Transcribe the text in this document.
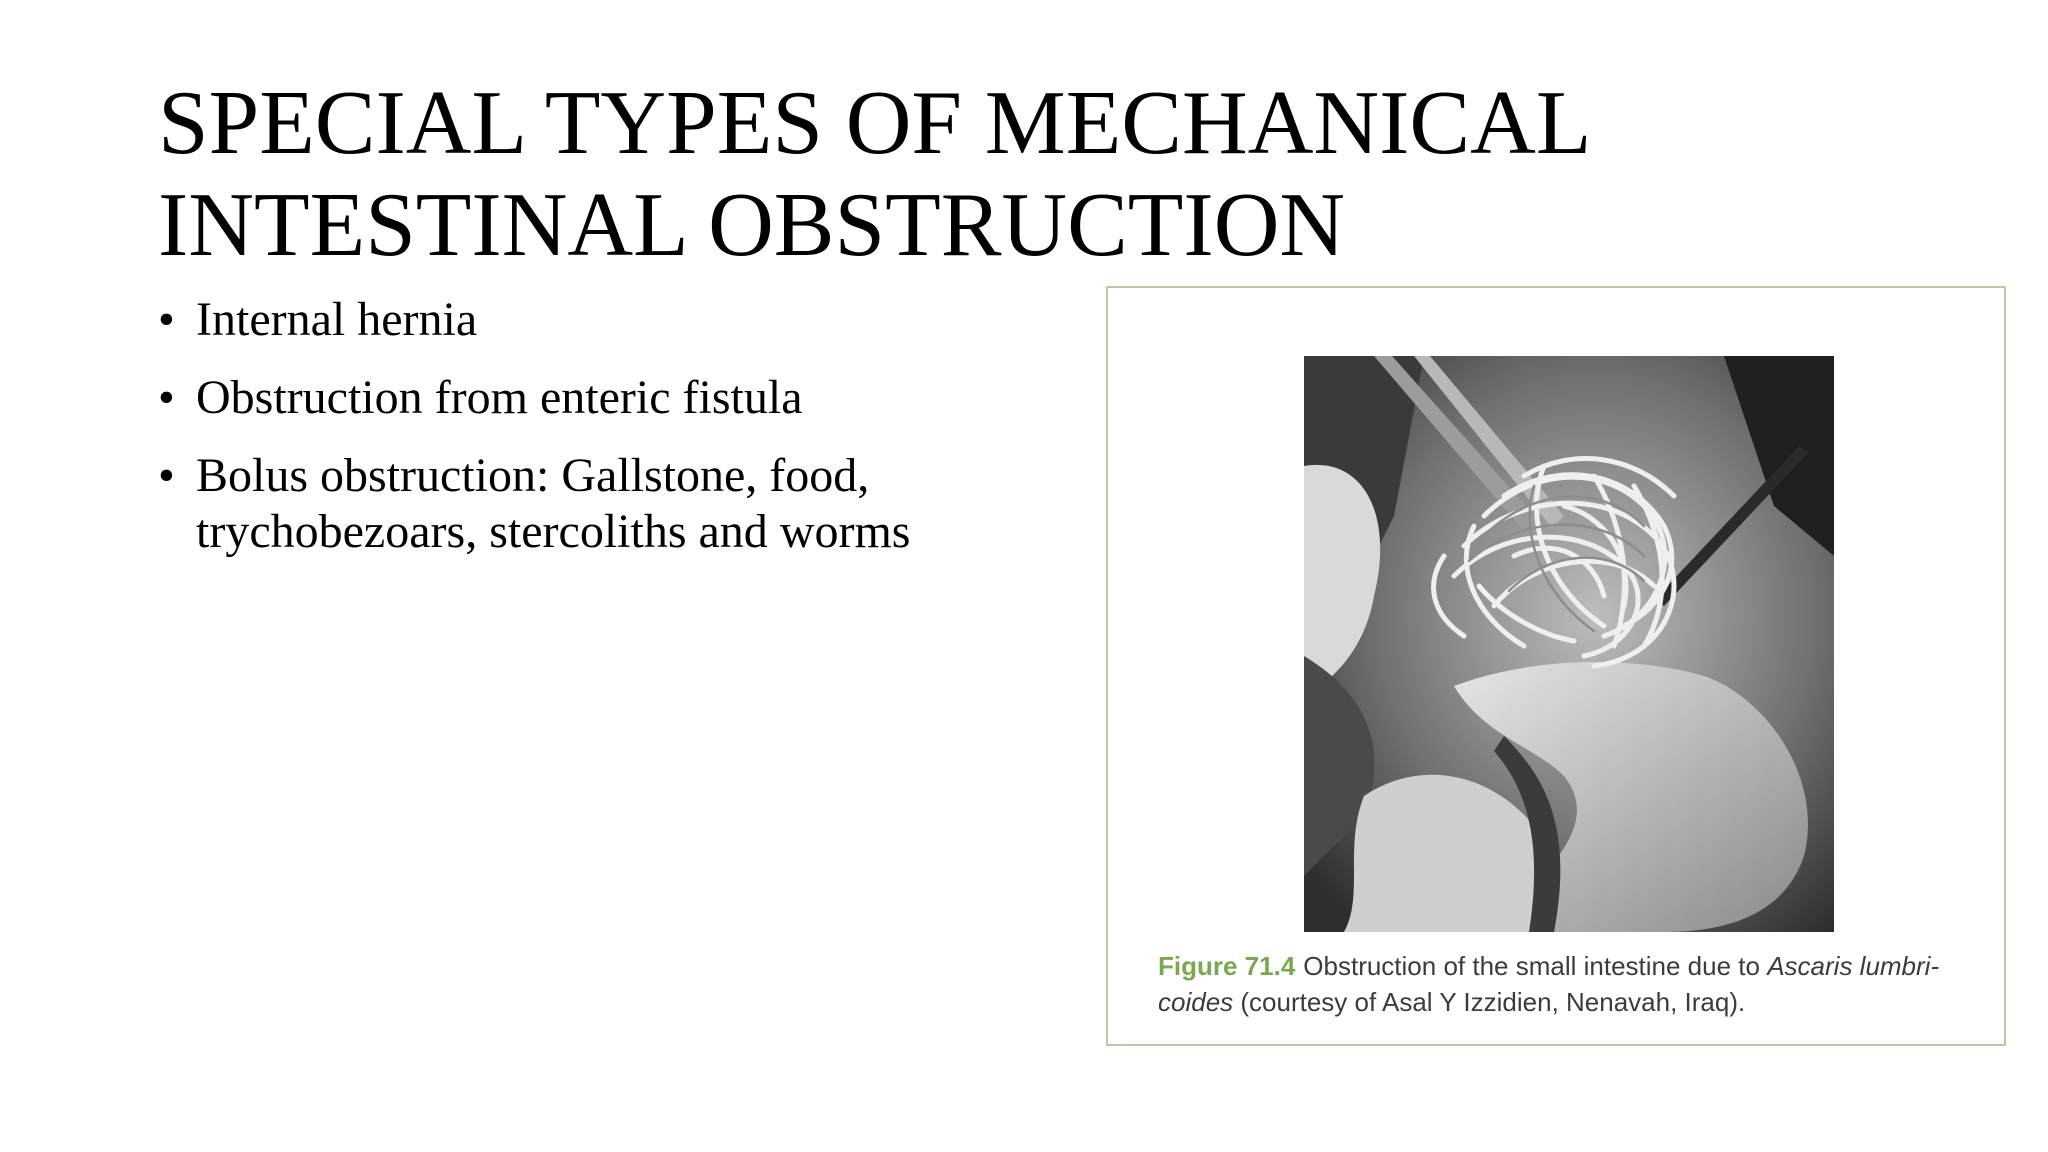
SPECIAL TYPES OF MECHANICAL
INTESTINAL OBSTRUCTION
• Internal hernia
• Obstruction from enteric fistula
• Bolus obstruction: Gallstone, food,
trychobezoars, stercoliths and worms
Figure 71.4 Obstruction of the small intestine due to Ascaris lumbri-
coides (courtesy of Asal Y Izzidien, Nenavah, Iraq).
